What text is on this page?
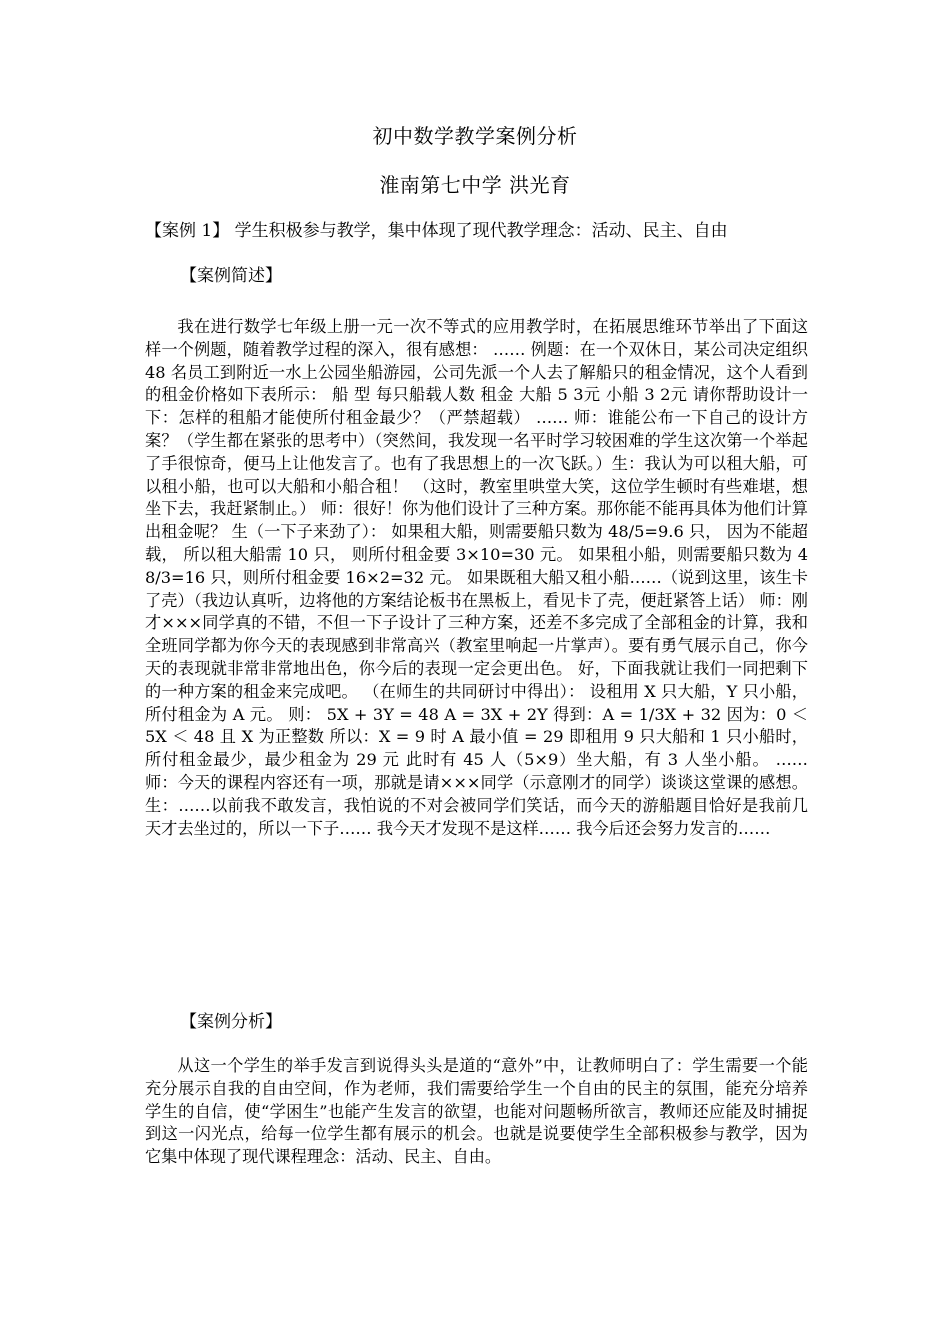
初中数学教学案例分析
淮南第七中学 洪光育
【案例 1】 学生积极参与教学，集中体现了现代教学理念：活动、民主、自由
【案例简述】

我在进行数学七年级上册一元一次不等式的应用教学时，在拓展思维环节举出了下面这样一个例题，随着教学过程的深入，很有感想： …… 例题：在一个双休日，某公司决定组织 48 名员工到附近一水上公园坐船游园，公司先派一个人去了解船只的租金情况，这个人看到的租金价格如下表所示： 船 型 每只船载人数 租金 大船 5 3元 小船 3 2元 请你帮助设计一下：怎样的租船才能使所付租金最少？（严禁超载） …… 师：谁能公布一下自己的设计方案？（学生都在紧张的思考中）（突然间，我发现一名平时学习较困难的学生这次第一个举起了手很惊奇，便马上让他发言了。也有了我思想上的一次飞跃。）生：我认为可以租大船，可以租小船，也可以大船和小船合租！ （这时，教室里哄堂大笑，这位学生顿时有些难堪，想坐下去，我赶紧制止。） 师：很好！你为他们设计了三种方案。那你能不能再具体为他们计算出租金呢？ 生（一下子来劲了）： 如果租大船，则需要船只数为 48/5=9.6 只， 因为不能超载， 所以租大船需 10 只， 则所付租金要 3×10=30 元。 如果租小船，则需要船只数为 48/3=16 只，则所付租金要 16×2=32 元。 如果既租大船又租小船……（说到这里，该生卡了壳）（我边认真听，边将他的方案结论板书在黑板上，看见卡了壳，便赶紧答上话） 师：刚才×××同学真的不错，不但一下子设计了三种方案，还差不多完成了全部租金的计算，我和全班同学都为你今天的表现感到非常高兴（教室里响起一片掌声）。要有勇气展示自己，你今天的表现就非常非常地出色，你今后的表现一定会更出色。 好，下面我就让我们一同把剩下的一种方案的租金来完成吧。 （在师生的共同研讨中得出）： 设租用 X 只大船，Y 只小船，所付租金为 A 元。 则： 5X + 3Y = 48 A = 3X + 2Y 得到：A = 1/3X + 32 因为：0 ＜ 5X ＜ 48 且 X 为正整数 所以：X = 9 时 A 最小值 = 29 即租用 9 只大船和 1 只小船时，所付租金最少，最少租金为 29 元 此时有 45 人（5×9）坐大船，有 3 人坐小船。 …… 师：今天的课程内容还有一项，那就是请×××同学（示意刚才的同学）谈谈这堂课的感想。 生：……以前我不敢发言，我怕说的不对会被同学们笑话，而今天的游船题目恰好是我前几天才去坐过的，所以一下子…… 我今天才发现不是这样…… 我今后还会努力发言的……

【案例分析】

从这一个学生的举手发言到说得头头是道的“意外”中，让教师明白了：学生需要一个能充分展示自我的自由空间，作为老师，我们需要给学生一个自由的民主的氛围，能充分培养学生的自信，使“学困生”也能产生发言的欲望，也能对问题畅所欲言，教师还应能及时捕捉到这一闪光点，给每一位学生都有展示的机会。也就是说要使学生全部积极参与教学，因为它集中体现了现代课程理念：活动、民主、自由。
